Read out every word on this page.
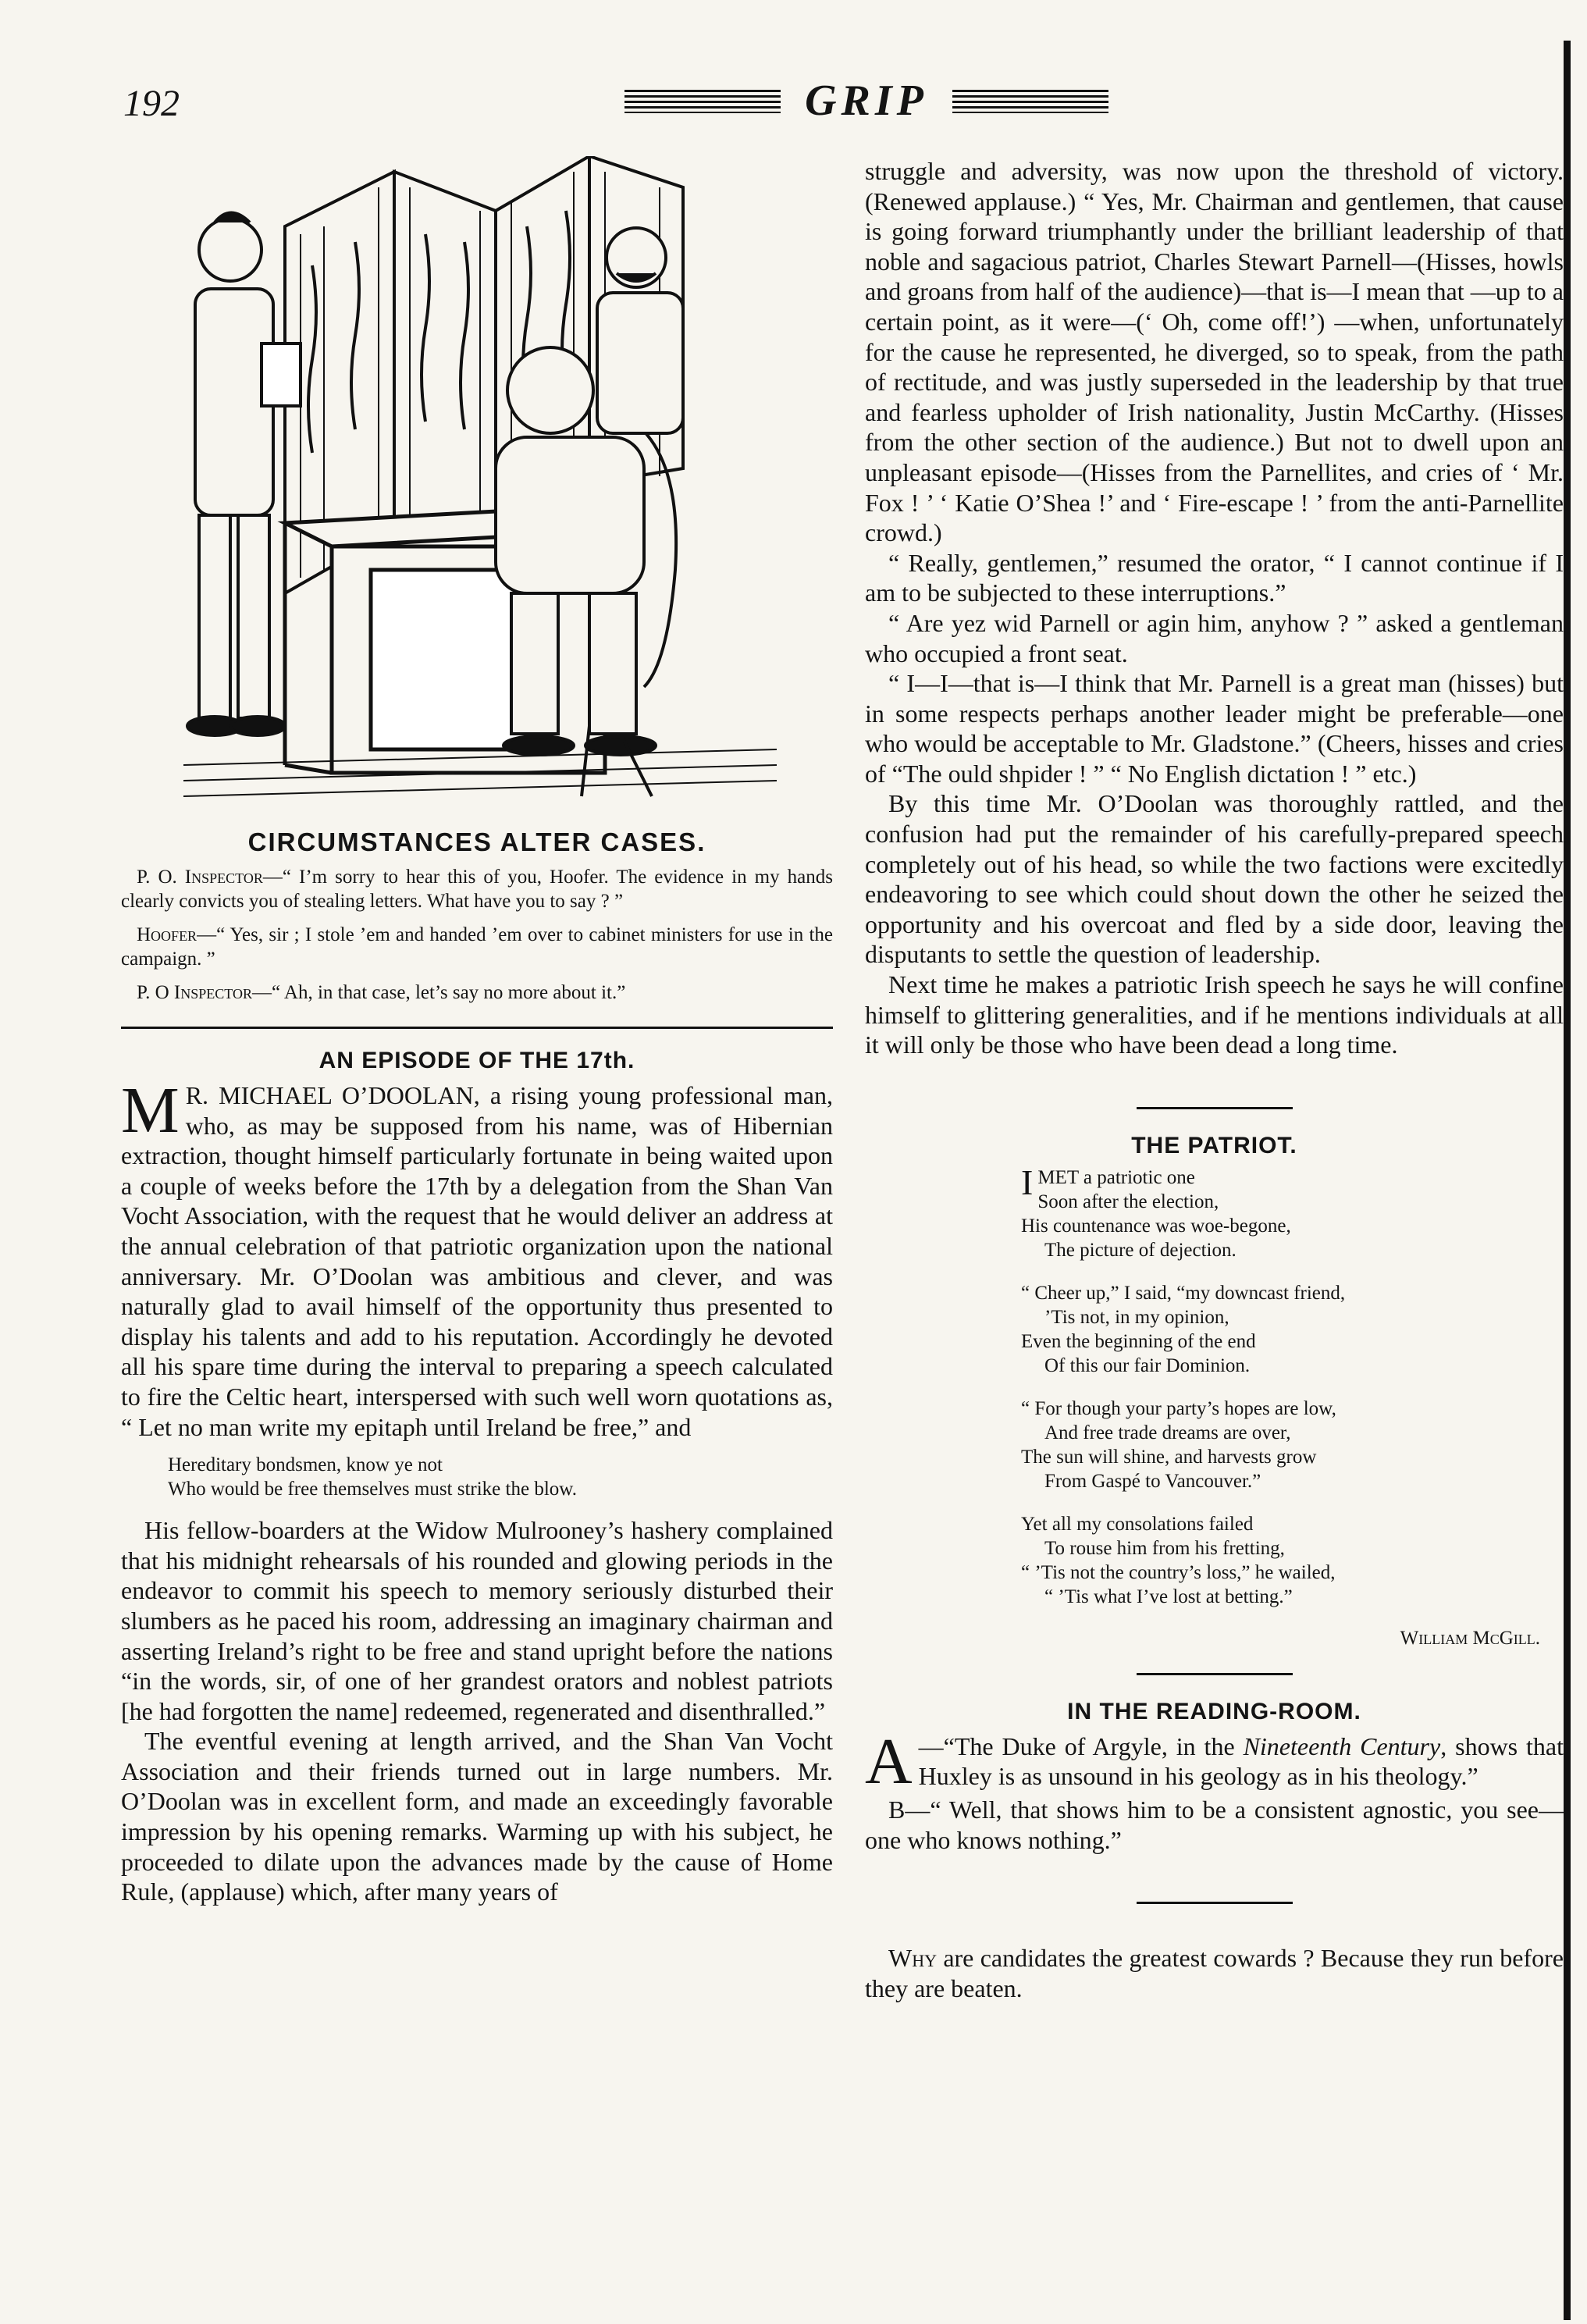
192	GRIP
CIRCUMSTANCES ALTER CASES.

P. O. Inspector—“ I’m sorry to hear this of you, Hoofer. The evidence in my hands clearly convicts you of stealing letters. What have you to say ? ”

Hoofer—“ Yes, sir ; I stole ’em and handed ’em over to cabinet ministers for use in the campaign. ”

P. O Inspector—“ Ah, in that case, let’s say no more about it.”

AN EPISODE OF THE 17th.

M R. MICHAEL O’DOOLAN, a rising young professional man, who, as may be supposed from his name, was of Hibernian extraction, thought himself particularly fortunate in being waited upon a couple of weeks before the 17th by a delegation from the Shan Van Vocht Association, with the request that he would deliver an address at the annual celebration of that patriotic organization upon the national anniversary. Mr. O’Doolan was ambitious and clever, and was naturally glad to avail himself of the opportunity thus presented to display his talents and add to his reputation. Accordingly he devoted all his spare time during the interval to preparing a speech calculated to fire the Celtic heart, interspersed with such well worn quotations as, “ Let no man write my epitaph until Ireland be free,” and

Hereditary bondsmen, know ye not
Who would be free themselves must strike the blow.

His fellow-boarders at the Widow Mulrooney’s hashery complained that his midnight rehearsals of his rounded and glowing periods in the endeavor to commit his speech to memory seriously disturbed their slumbers as he paced his room, addressing an imaginary chairman and asserting Ireland’s right to be free and stand upright before the nations “in the words, sir, of one of her grandest orators and noblest patriots [he had forgotten the name] redeemed, regenerated and disenthralled.”

The eventful evening at length arrived, and the Shan Van Vocht Association and their friends turned out in large numbers. Mr. O’Doolan was in excellent form, and made an exceedingly favorable impression by his opening remarks. Warming up with his subject, he proceeded to dilate upon the advances made by the cause of Home Rule, (applause) which, after many years of

struggle and adversity, was now upon the threshold of victory. (Renewed applause.) “ Yes, Mr. Chairman and gentlemen, that cause is going forward triumphantly under the brilliant leadership of that noble and sagacious patriot, Charles Stewart Parnell—(Hisses, howls and groans from half of the audience)—that is—I mean that —up to a certain point, as it were—(‘ Oh, come off!’) —when, unfortunately for the cause he represented, he diverged, so to speak, from the path of rectitude, and was justly superseded in the leadership by that true and fearless upholder of Irish nationality, Justin McCarthy. (Hisses from the other section of the audience.) But not to dwell upon an unpleasant episode—(Hisses from the Parnellites, and cries of ‘ Mr. Fox ! ’ ‘ Katie O’Shea !’ and ‘ Fire-escape ! ’ from the anti-Parnellite crowd.)

“ Really, gentlemen,” resumed the orator, “ I cannot continue if I am to be subjected to these interruptions.”

“ Are yez wid Parnell or agin him, anyhow ? ” asked a gentleman who occupied a front seat.

“ I—I—that is—I think that Mr. Parnell is a great man (hisses) but in some respects perhaps another leader might be preferable—one who would be acceptable to Mr. Gladstone.” (Cheers, hisses and cries of “The ould shpider ! ” “ No English dictation ! ” etc.)

By this time Mr. O’Doolan was thoroughly rattled, and the confusion had put the remainder of his carefully-prepared speech completely out of his head, so while the two factions were excitedly endeavoring to see which could shout down the other he seized the opportunity and his overcoat and fled by a side door, leaving the disputants to settle the question of leadership.

Next time he makes a patriotic Irish speech he says he will confine himself to glittering generalities, and if he mentions individuals at all it will only be those who have been dead a long time.

THE PATRIOT.
IMET a patriotic one
Soon after the election,
His countenance was woe-begone,
The picture of dejection.
“ Cheer up,” I said, “my downcast friend,
’Tis not, in my opinion,
Even the beginning of the end
Of this our fair Dominion.
“ For though your party’s hopes are low,
And free trade dreams are over,
The sun will shine, and harvests grow
From Gaspé to Vancouver.”
Yet all my consolations failed
To rouse him from his fretting,
“ ’Tis not the country’s loss,” he wailed,
“ ’Tis what I’ve lost at betting.”
William McGill.
IN THE READING-ROOM.

A —“The Duke of Argyle, in the Nineteenth Century, shows that Huxley is as unsound in his geology as in his theology.”

B—“ Well, that shows him to be a consistent agnostic, you see—one who knows nothing.”

Why are candidates the greatest cowards ? Because they run before they are beaten.
